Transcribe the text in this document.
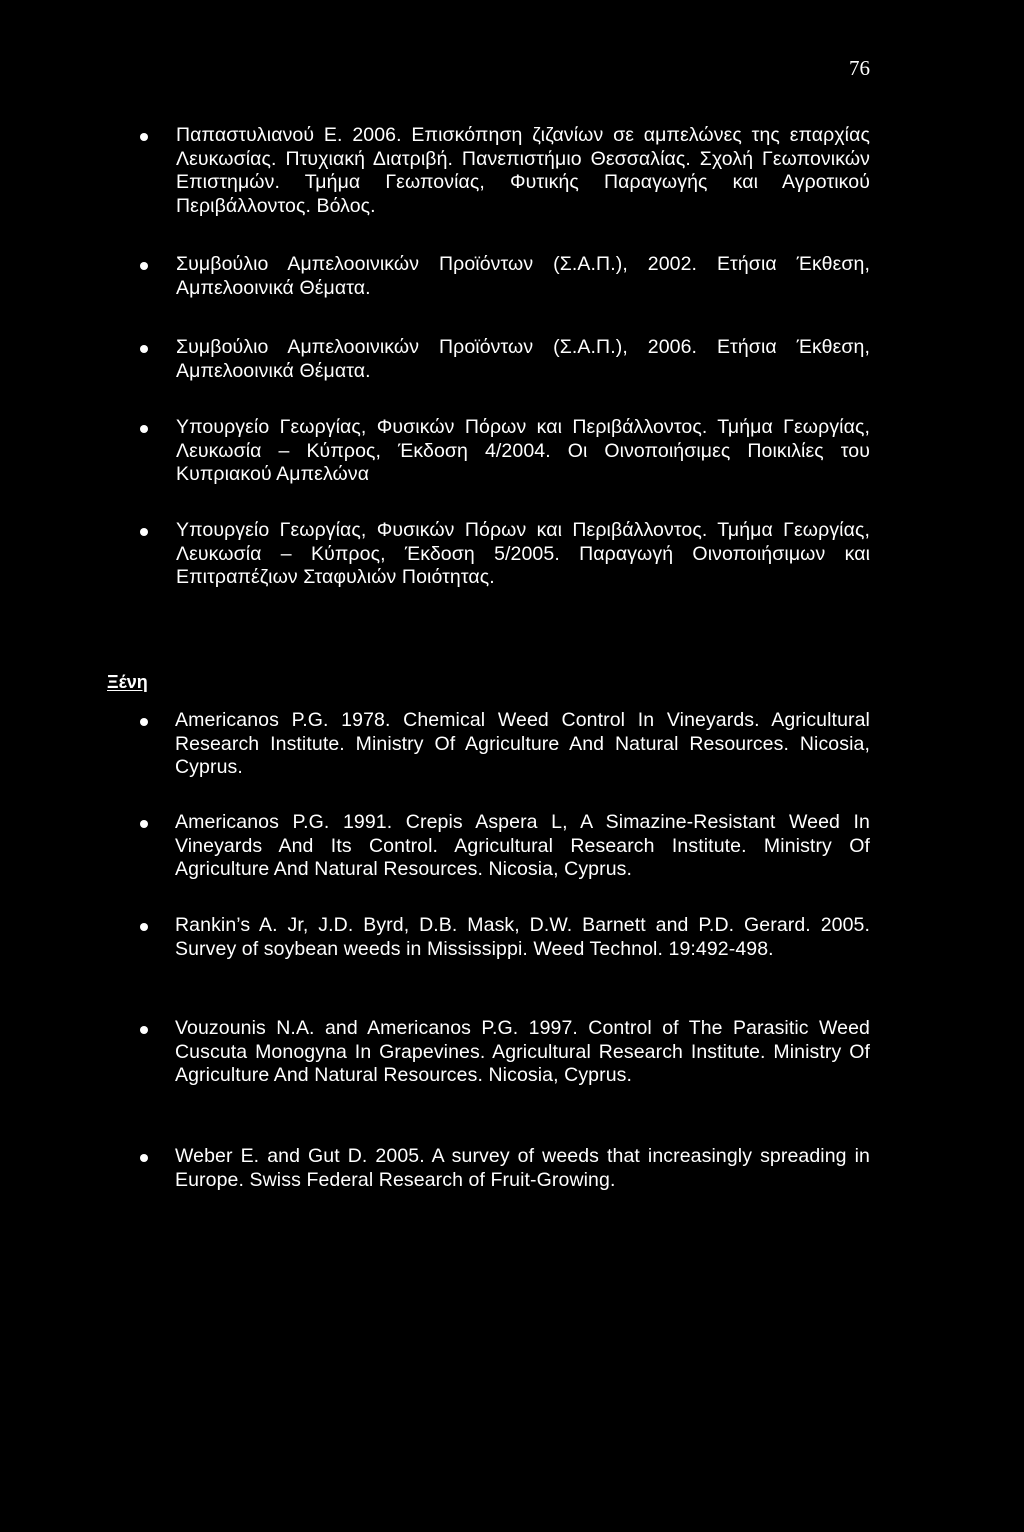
76
Παπαστυλιανού Ε. 2006. Επισκόπηση ζιζανίων σε αμπελώνες της επαρχίας Λευκωσίας. Πτυχιακή Διατριβή. Πανεπιστήμιο Θεσσαλίας. Σχολή Γεωπονικών Επιστημών. Τμήμα Γεωπονίας, Φυτικής Παραγωγής και Αγροτικού Περιβάλλοντος. Βόλος.
Συμβούλιο Αμπελοοινικών Προϊόντων (Σ.Α.Π.), 2002. Ετήσια Έκθεση, Αμπελοοινικά Θέματα.
Συμβούλιο Αμπελοοινικών Προϊόντων (Σ.Α.Π.), 2006. Ετήσια Έκθεση, Αμπελοοινικά Θέματα.
Υπουργείο Γεωργίας, Φυσικών Πόρων και Περιβάλλοντος. Τμήμα Γεωργίας, Λευκωσία – Κύπρος, Έκδοση 4/2004. Οι Οινοποιήσιμες Ποικιλίες του Κυπριακού Αμπελώνα
Υπουργείο Γεωργίας, Φυσικών Πόρων και Περιβάλλοντος. Τμήμα Γεωργίας, Λευκωσία – Κύπρος, Έκδοση 5/2005. Παραγωγή Οινοποιήσιμων και Επιτραπέζιων Σταφυλιών Ποιότητας.
Ξένη
Americanos P.G. 1978. Chemical Weed Control In Vineyards. Agricultural Research Institute. Ministry Of Agriculture And Natural Resources. Nicosia, Cyprus.
Americanos P.G. 1991. Crepis Aspera L, A Simazine-Resistant Weed In Vineyards And Its Control. Agricultural Research Institute. Ministry Of Agriculture And Natural Resources. Nicosia, Cyprus.
Rankin’s A. Jr, J.D. Byrd, D.B. Mask, D.W. Barnett and P.D. Gerard. 2005. Survey of soybean weeds in Mississippi. Weed Technol. 19:492-498.
Vouzounis N.A. and Americanos P.G. 1997. Control of The Parasitic Weed Cuscuta Monogyna In Grapevines. Agricultural Research Institute. Ministry Of Agriculture And Natural Resources. Nicosia, Cyprus.
Weber E. and Gut D. 2005. A survey of weeds that increasingly spreading in Europe. Swiss Federal Research of Fruit-Growing.
